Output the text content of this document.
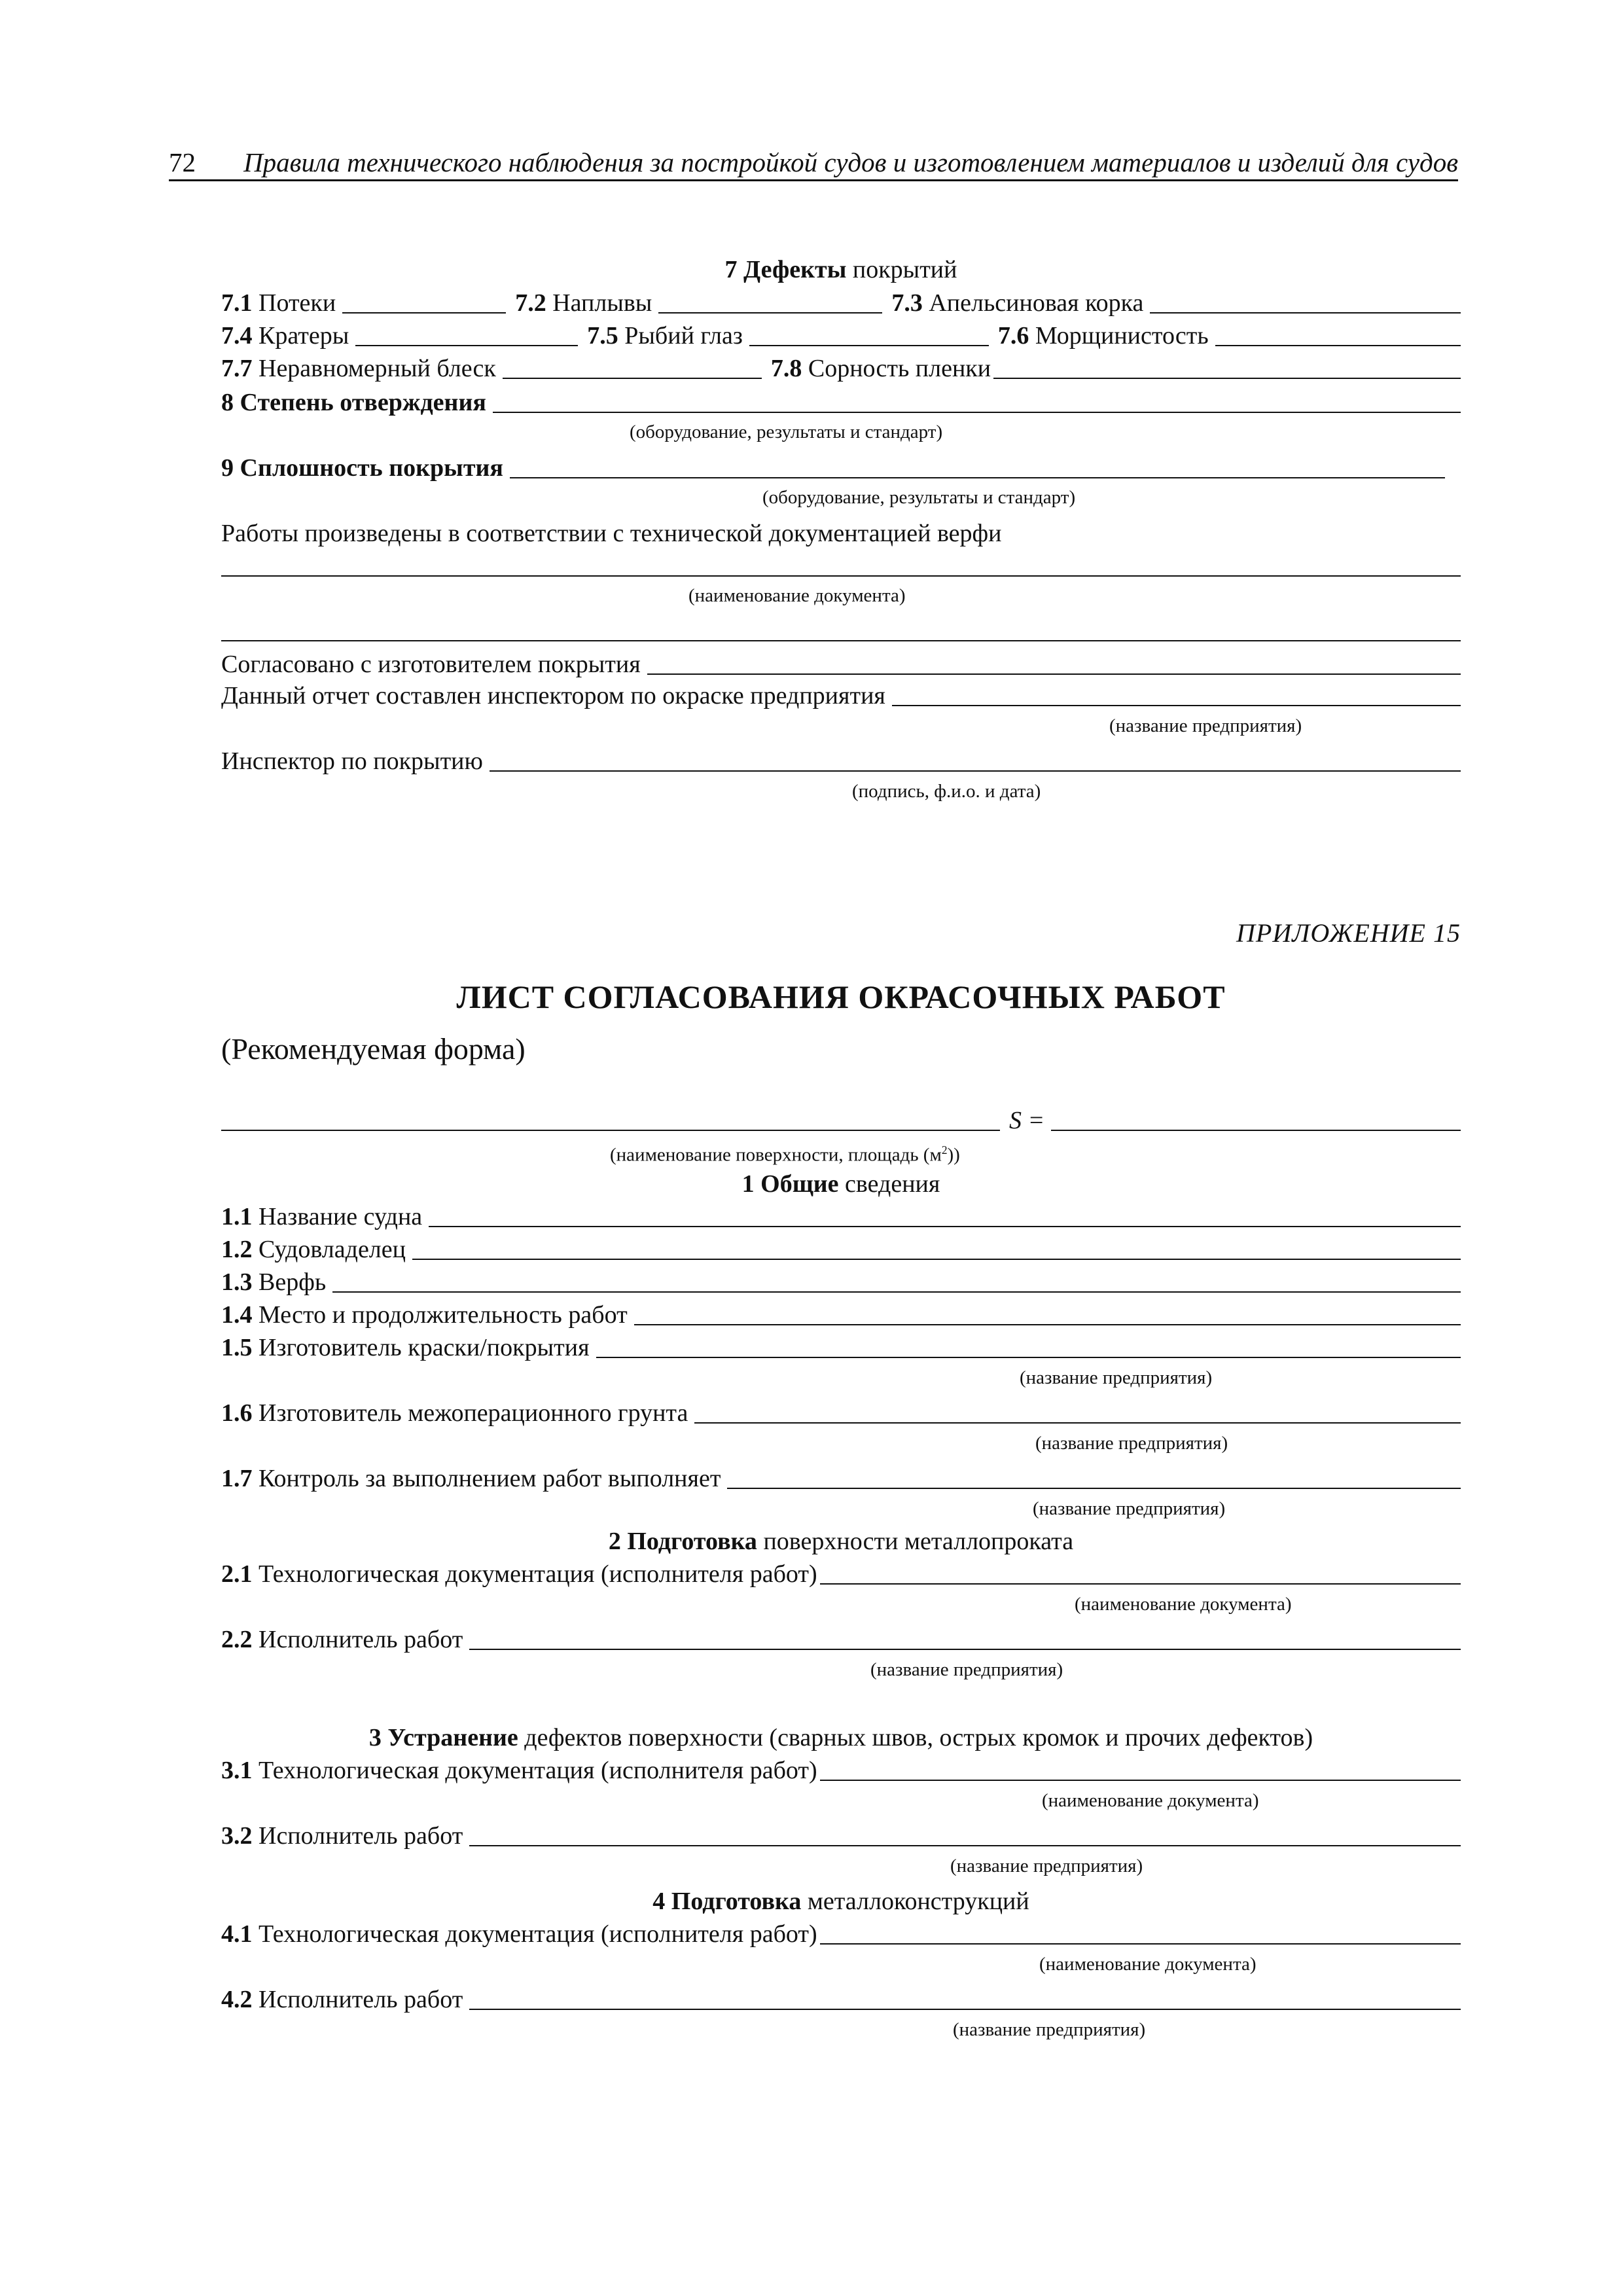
72 Правила технического наблюдения за постройкой судов и изготовлением материалов и изделий для судов
7 Дефекты покрытий
7.1
Потеки	7.2
Наплывы	7.3
Апельсиновая корка
7.4
Кратеры	7.5
Рыбий глаз	7.6
Морщинистость
7.7
Неравномерный блеск	7.8
Сорность пленки
8
Степень отверждения
(оборудование, результаты и стандарт)
9
Сплошность покрытия
(оборудование, результаты и стандарт)
Работы произведены в соответствии с технической документацией верфи
(наименование документа)
Согласовано с изготовителем покрытия
Данный отчет составлен инспектором по окраске предприятия
(название предприятия)
Инспектор по покрытию
(подпись, ф.и.о. и дата)
ПРИЛОЖЕНИЕ 15
ЛИСТ СОГЛАСОВАНИЯ ОКРАСОЧНЫХ РАБОТ
(Рекомендуемая форма)
S =
(наименование поверхности, площадь $(м^2)$)
1 Общие сведения
1.1
Название судна
1.2
Судовладелец
1.3
Верфь
1.4
Место и продолжительность работ
1.5
Изготовитель краски/покрытия
(название предприятия)
1.6
Изготовитель межоперационного грунта
(название предприятия)
1.7
Контроль за выполнением работ выполняет
(название предприятия)
2 Подготовка поверхности металлопроката
2.1
Технологическая документация (исполнителя работ)
(наименование документа)
2.2
Исполнитель работ
(название предприятия)
3 Устранение дефектов поверхности (сварных швов, острых кромок и прочих дефектов)
3.1
Технологическая документация (исполнителя работ)
(наименование документа)
3.2
Исполнитель работ
(название предприятия)
4 Подготовка металлоконструкций
4.1
Технологическая документация (исполнителя работ)
(наименование документа)
4.2
Исполнитель работ
(название предприятия)
